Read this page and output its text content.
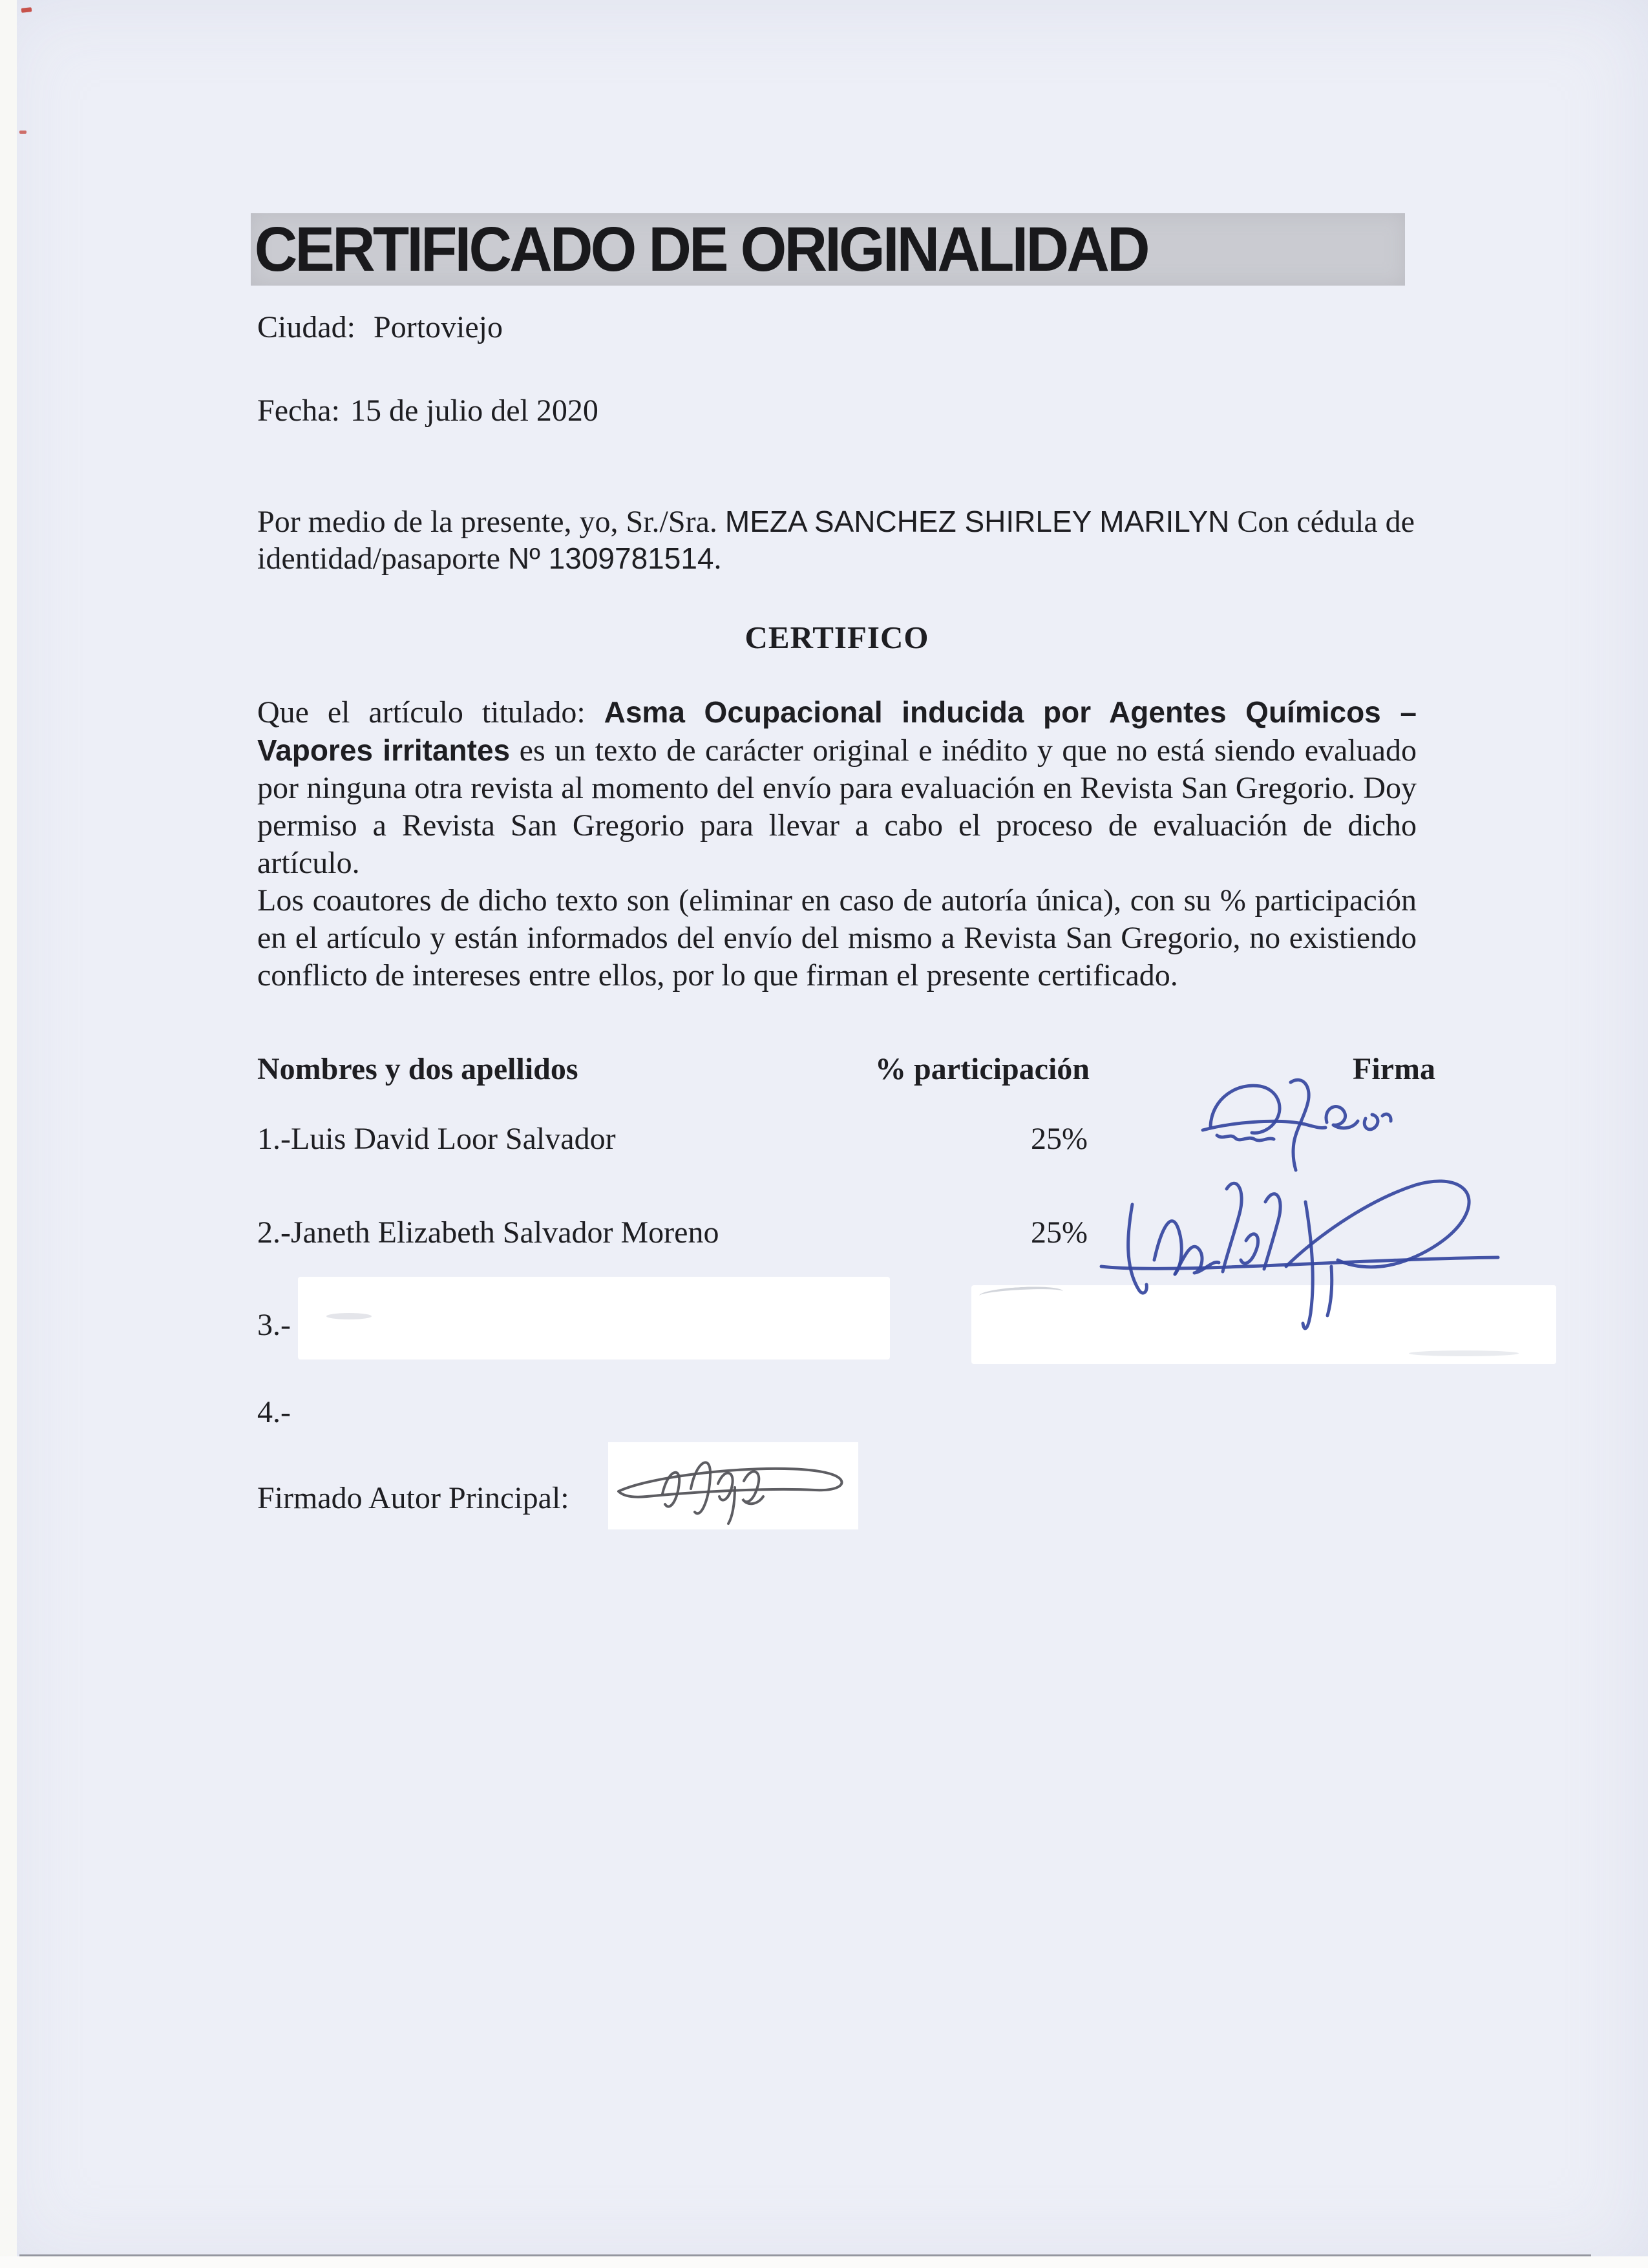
CERTIFICADO DE ORIGINALIDAD
Ciudad: Portoviejo
Fecha: 15 de julio del 2020
Por medio de la presente, yo, Sr./Sra. MEZA SANCHEZ SHIRLEY MARILYN Con cédula de identidad/pasaporte Nº 1309781514.
CERTIFICO
Que el artículo titulado: Asma Ocupacional inducida por Agentes Químicos – Vapores irritantes es un texto de carácter original e inédito y que no está siendo evaluado por ninguna otra revista al momento del envío para evaluación en Revista San Gregorio. Doy permiso a Revista San Gregorio para llevar a cabo el proceso de evaluación de dicho artículo.
Los coautores de dicho texto son (eliminar en caso de autoría única), con su % participación en el artículo y están informados del envío del mismo a Revista San Gregorio, no existiendo conflicto de intereses entre ellos, por lo que firman el presente certificado.
Nombres y dos apellidos	% participación	Firma
1.-Luis David Loor Salvador	25%
2.-Janeth Elizabeth Salvador Moreno	25%
3.-
4.-
Firmado Autor Principal:
